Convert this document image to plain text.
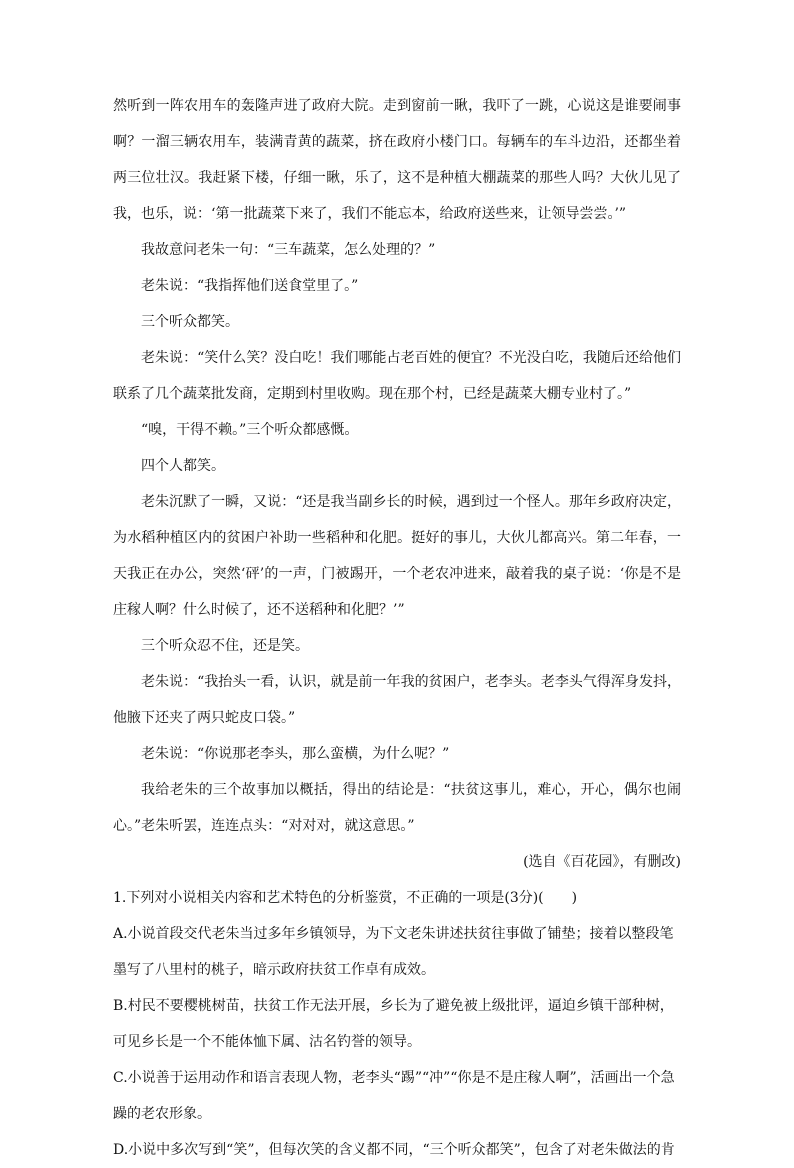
然听到一阵农用车的轰隆声进了政府大院。走到窗前一瞅，我吓了一跳，心说这是谁要闹事啊？一溜三辆农用车，装满青黄的蔬菜，挤在政府小楼门口。每辆车的车斗边沿，还都坐着两三位壮汉。我赶紧下楼，仔细一瞅，乐了，这不是种植大棚蔬菜的那些人吗？大伙儿见了我，也乐，说：‘第一批蔬菜下来了，我们不能忘本，给政府送些来，让领导尝尝。’”

我故意问老朱一句：“三车蔬菜，怎么处理的？”

老朱说：“我指挥他们送食堂里了。”

三个听众都笑。

老朱说：“笑什么笑？没白吃！我们哪能占老百姓的便宜？不光没白吃，我随后还给他们联系了几个蔬菜批发商，定期到村里收购。现在那个村，已经是蔬菜大棚专业村了。”

“嗅，干得不赖。”三个听众都感慨。

四个人都笑。

老朱沉默了一瞬，又说：“还是我当副乡长的时候，遇到过一个怪人。那年乡政府决定，为水稻种植区内的贫困户补助一些稻种和化肥。挺好的事儿，大伙儿都高兴。第二年春，一天我正在办公，突然‘砰’的一声，门被踢开，一个老农冲进来，敲着我的桌子说：‘你是不是庄稼人啊？什么时候了，还不送稻种和化肥？’”

三个听众忍不住，还是笑。

老朱说：“我抬头一看，认识，就是前一年我的贫困户，老李头。老李头气得浑身发抖，他腋下还夹了两只蛇皮口袋。”

老朱说：“你说那老李头，那么蛮横，为什么呢？”

我给老朱的三个故事加以概括，得出的结论是：“扶贫这事儿，难心，开心，偶尔也闹心。”老朱听罢，连连点头：“对对对，就这意思。”

(选自《百花园》，有删改)

1.下列对小说相关内容和艺术特色的分析鉴赏，不正确的一项是(3分)(　　)

A.小说首段交代老朱当过多年乡镇领导，为下文老朱讲述扶贫往事做了铺垫；接着以整段笔墨写了八里村的桃子，暗示政府扶贫工作卓有成效。

B.村民不要樱桃树苗，扶贫工作无法开展，乡长为了避免被上级批评，逼迫乡镇干部种树，可见乡长是一个不能体恤下属、沽名钓誉的领导。

C.小说善于运用动作和语言表现人物，老李头“踢”“冲”“你是不是庄稼人啊”，活画出一个急躁的老农形象。

D.小说中多次写到“笑”，但每次笑的含义都不同，“三个听众都笑”，包含了对老朱做法的肯
